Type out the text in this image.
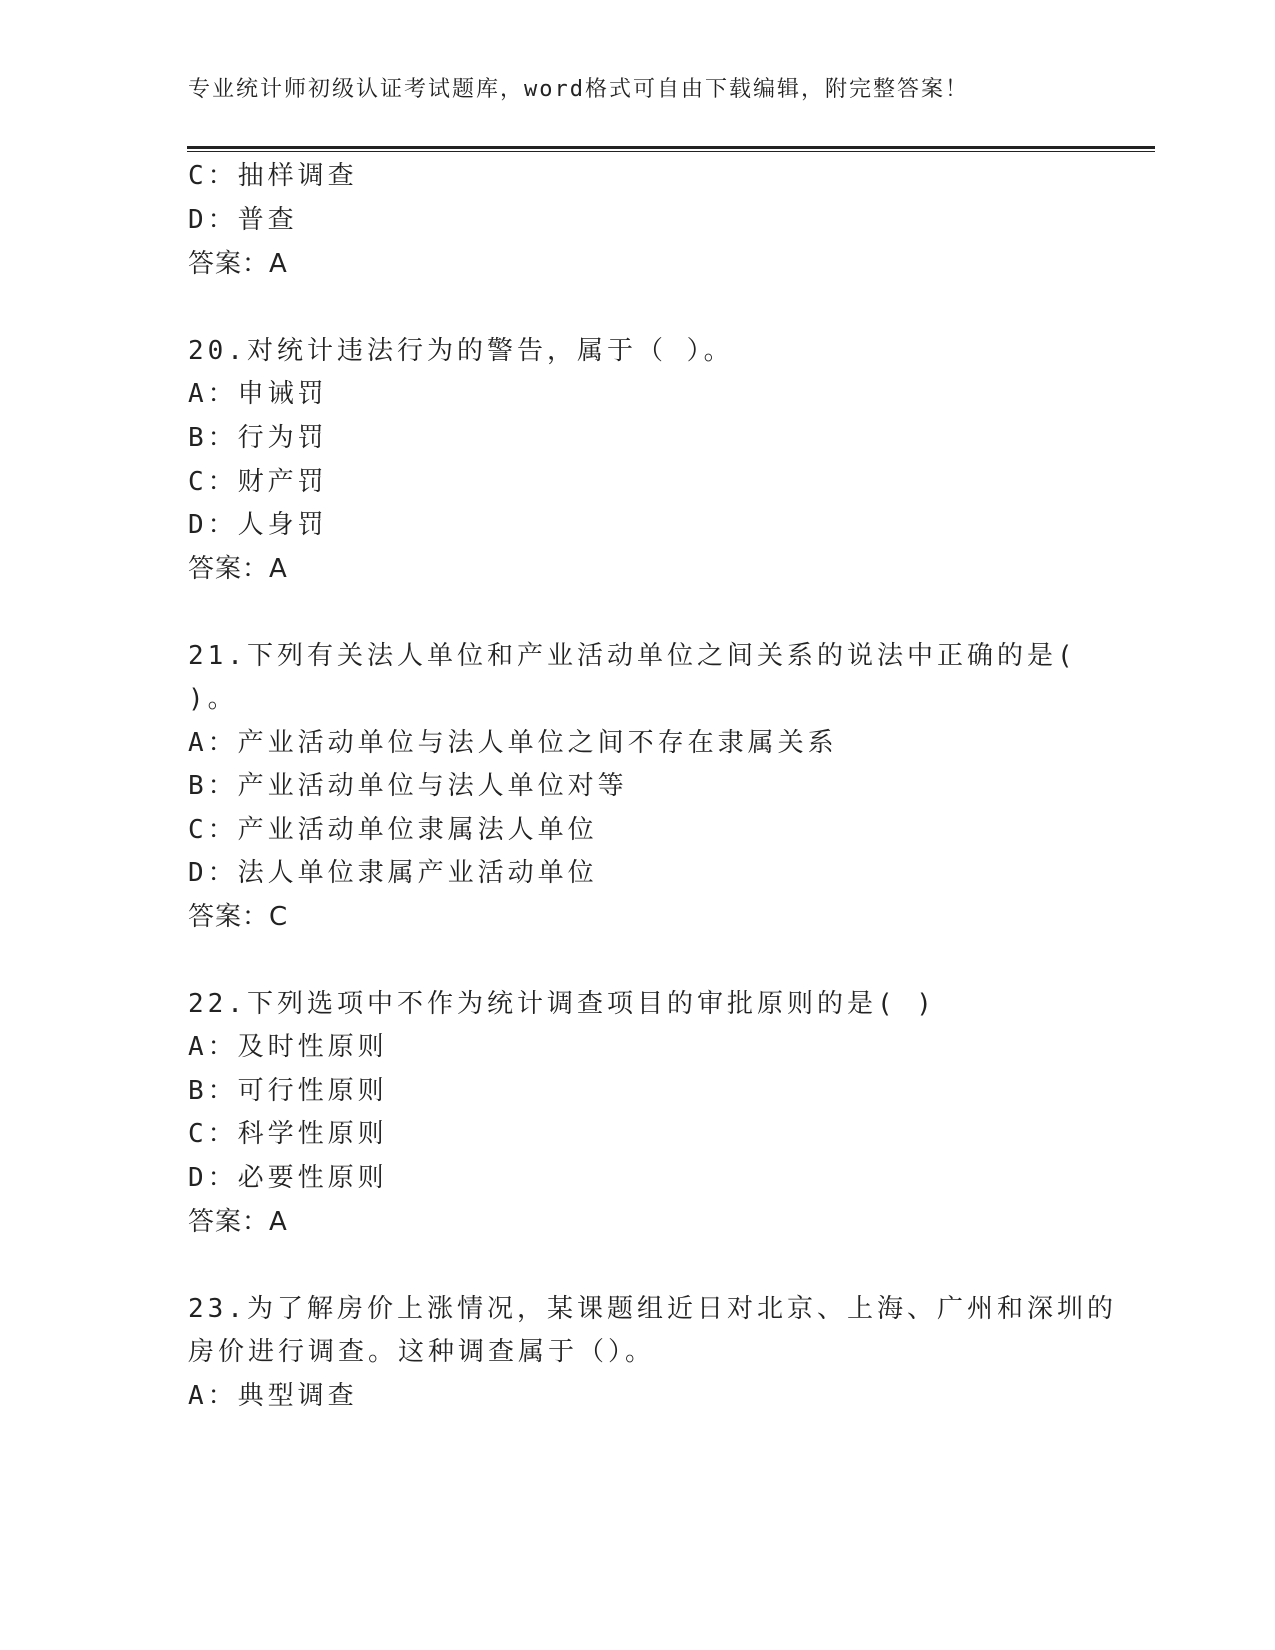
专业统计师初级认证考试题库，word格式可自由下载编辑，附完整答案！
C：抽样调查
D：普查
答案：A
20.对统计违法行为的警告，属于（ ）。
A：申诫罚
B：行为罚
C：财产罚
D：人身罚
答案：A
21.下列有关法人单位和产业活动单位之间关系的说法中正确的是(
)。
A：产业活动单位与法人单位之间不存在隶属关系
B：产业活动单位与法人单位对等
C：产业活动单位隶属法人单位
D：法人单位隶属产业活动单位
答案：C
22.下列选项中不作为统计调查项目的审批原则的是( )
A：及时性原则
B：可行性原则
C：科学性原则
D：必要性原则
答案：A
23.为了解房价上涨情况，某课题组近日对北京、上海、广州和深圳的
房价进行调查。这种调查属于（）。
A：典型调查
